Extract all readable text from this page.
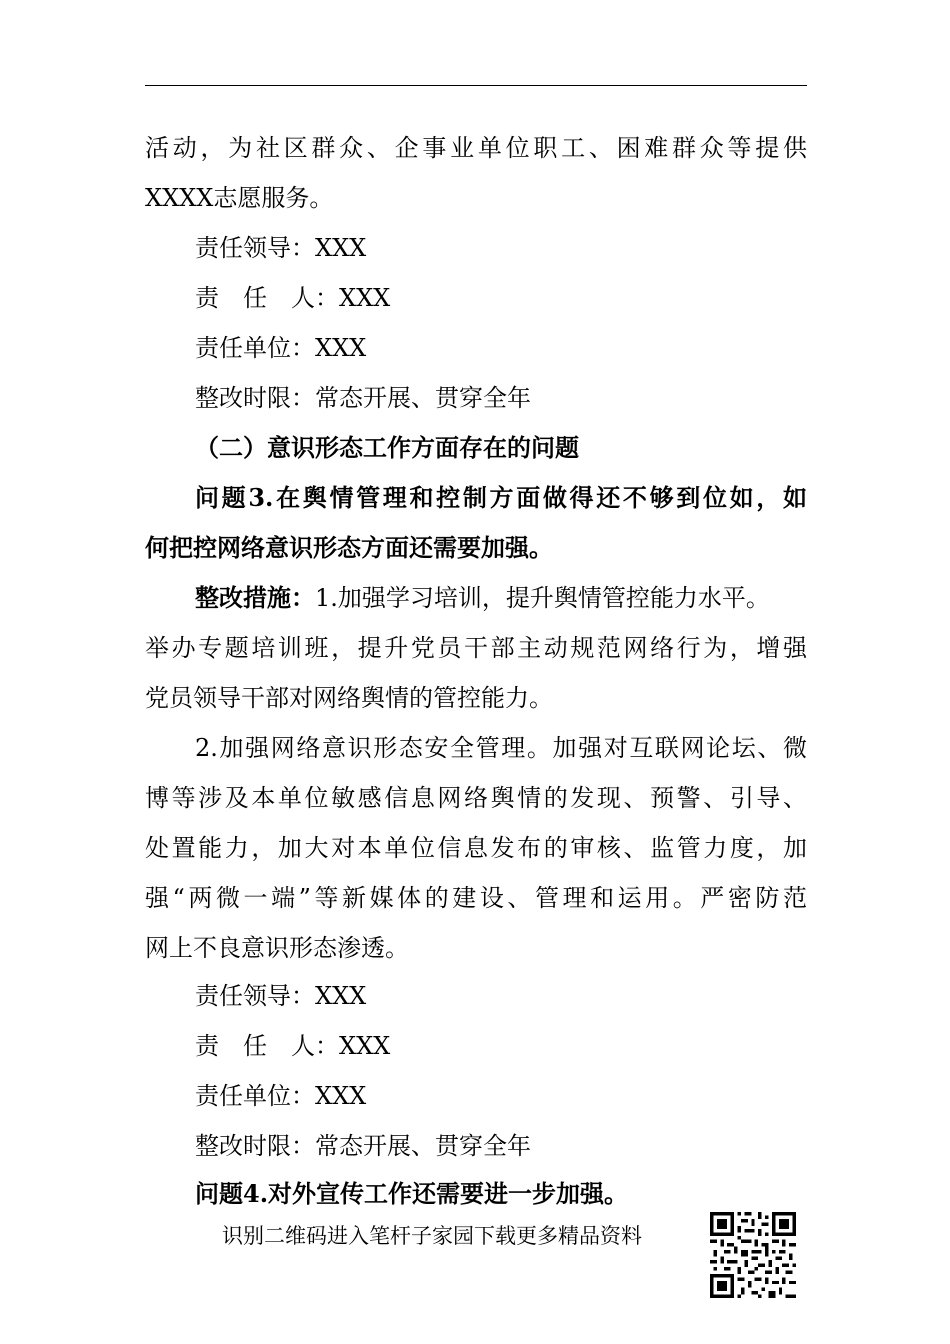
活动，为社区群众、企事业单位职工、困难群众等提供
XXXX志愿服务。
责任领导：XXX
责　任　人：XXX
责任单位：XXX
整改时限：常态开展、贯穿全年
（二）意识形态工作方面存在的问题
问题3.在舆情管理和控制方面做得还不够到位如，如
何把控网络意识形态方面还需要加强。
整改措施：1.加强学习培训，提升舆情管控能力水平。
举办专题培训班，提升党员干部主动规范网络行为，增强
党员领导干部对网络舆情的管控能力。
2.加强网络意识形态安全管理。加强对互联网论坛、微
博等涉及本单位敏感信息网络舆情的发现、预警、引导、
处置能力，加大对本单位信息发布的审核、监管力度，加
强“两微一端”等新媒体的建设、管理和运用。严密防范
网上不良意识形态渗透。
责任领导：XXX
责　任　人：XXX
责任单位：XXX
整改时限：常态开展、贯穿全年
问题4.对外宣传工作还需要进一步加强。
识别二维码进入笔杆子家园下载更多精品资料
